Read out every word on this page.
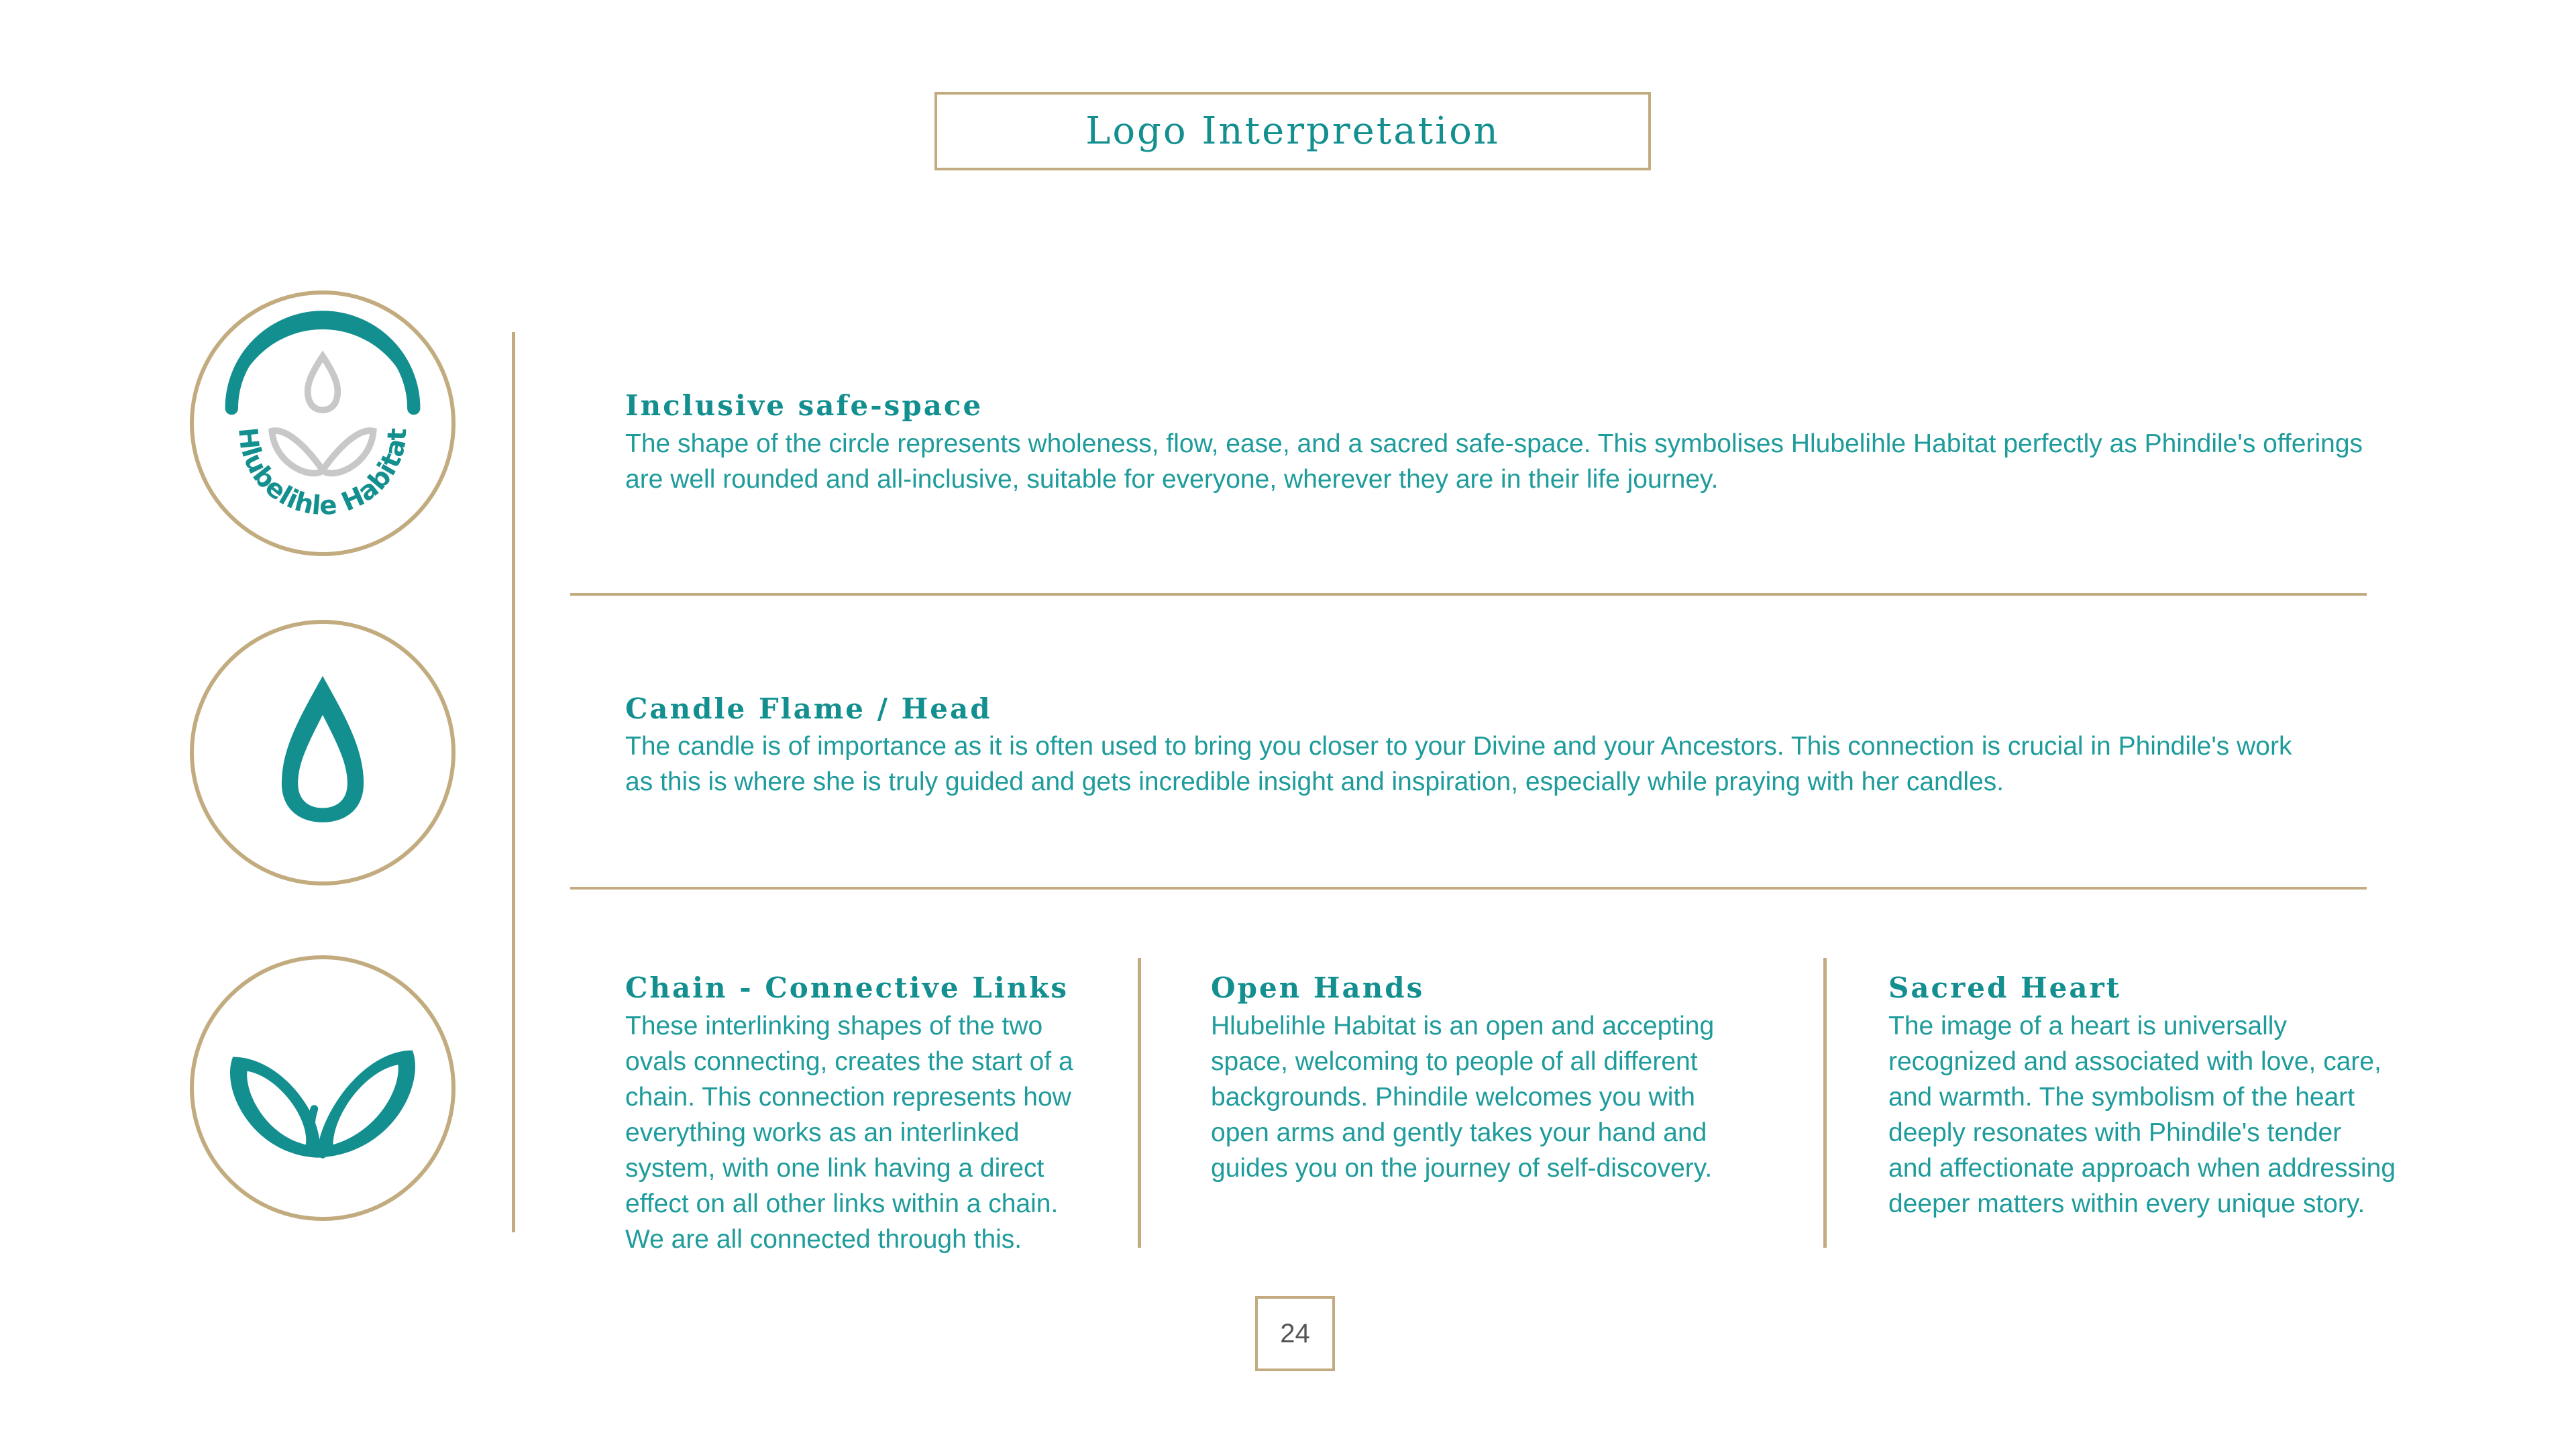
Logo Interpretation
Hlubelihle Habitat
Inclusive safe-space
The shape of the circle represents wholeness, flow, ease, and a sacred safe-space. This symbolises Hlubelihle Habitat perfectly as Phindile's offerings
are well rounded and all-inclusive, suitable for everyone, wherever they are in their life journey.
Candle Flame / Head
The candle is of importance as it is often used to bring you closer to your Divine and your Ancestors. This connection is crucial in Phindile's work
as this is where she is truly guided and gets incredible insight and inspiration, especially while praying with her candles.
Chain - Connective Links
These interlinking shapes of the two
ovals connecting, creates the start of a
chain. This connection represents how
everything works as an interlinked
system, with one link having a direct
effect on all other links within a chain.
We are all connected through this.
Open Hands
Hlubelihle Habitat is an open and accepting
space, welcoming to people of all different
backgrounds. Phindile welcomes you with
open arms and gently takes your hand and
guides you on the journey of self-discovery.
Sacred Heart
The image of a heart is universally
recognized and associated with love, care,
and warmth. The symbolism of the heart
deeply resonates with Phindile's tender
and affectionate approach when addressing
deeper matters within every unique story.
24
